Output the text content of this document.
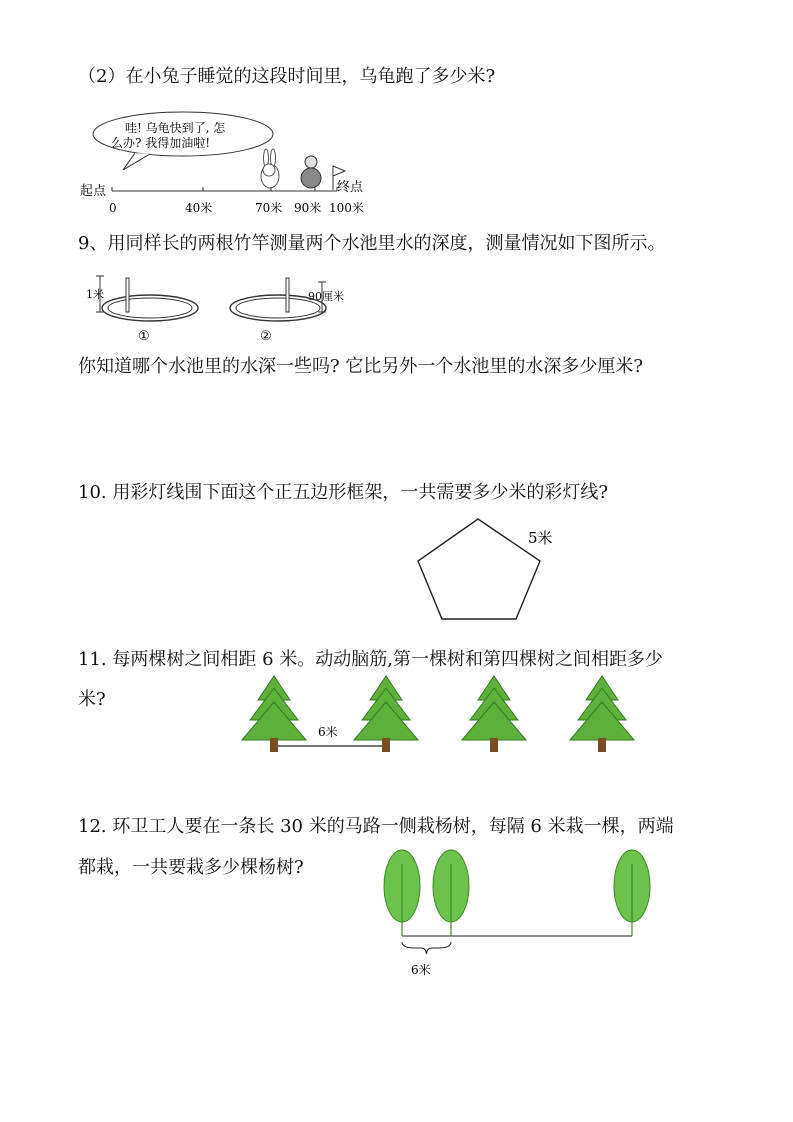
（2）在小兔子睡觉的这段时间里，乌龟跑了多少米?
哇! 乌龟快到了, 怎
么办? 我得加油啦!
起点	终点
0	40米	70米 90米 100米
9、用同样长的两根竹竿测量两个水池里水的深度，测量情况如下图所示。
1米
①
90厘米
②
你知道哪个水池里的水深一些吗? 它比另外一个水池里的水深多少厘米?
10. 用彩灯线围下面这个正五边形框架，一共需要多少米的彩灯线?
5米
11. 每两棵树之间相距 6 米。动动脑筋,第一棵树和第四棵树之间相距多少
米?
6米
12. 环卫工人要在一条长 30 米的马路一侧栽杨树，每隔 6 米栽一棵，两端
都栽，一共要栽多少棵杨树?
6米
